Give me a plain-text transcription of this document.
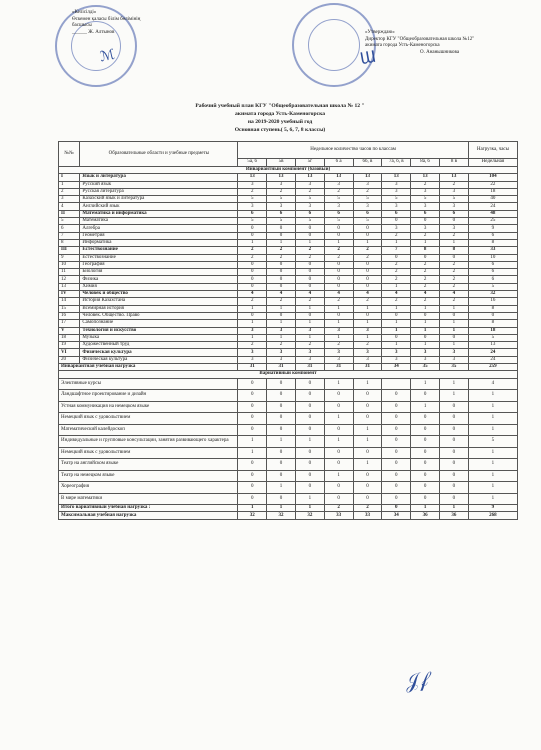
«Келісілді»
Өскемен қаласы білім бөлімінің
басшысы
______ Ж. Алтынов	«Утверждаю»
Директор КГУ "Общеобразовательная школа №12"
акимата города Усть-Каменогорска
О. Ананышникова
ℳ	Ɯ
Рабочий учебный план КГУ "Общеобразовательная школа № 12 "
акимата города Усть-Каменогорска
на 2019-2020 учебный год
Основная ступень( 5, 6, 7, 8 классы)
№№	Образовательные области и учебные предметы	Недельное количество часов по классам								Нагрузка, часы
		5а, б	5в	5г	6 а	6б, в	7а, б, в	8а, б	8 в	Недельная
Инвариантный компонент (базовый)										
I	Язык и литература	13	13	13	13	13	13	13	13	104
1	Русский язык	3	3	3	3	3	3	2	2	22
2	Русская литература	2	2	2	2	2	3	3	3	18
3	Казахский язык и литература	5	5	5	5	5	5	5	5	40
4	Английский язык	3	3	3	3	3	3	3	3	24
II	Математика и информатика	6	6	6	6	6	6	6	6	48
5	Математика	5	5	5	5	5	0	0	0	25
6	Алгебра	0	0	0	0	0	3	3	3	9
7	Геометрия	0	0	0	0	0	2	2	2	6
8	Информатика	1	1	1	1	1	1	1	1	8
III	Естествознание	2	2	2	2	2	7	8	8	33
9	Естествознание	2	2	2	2	2	0	0	0	10
10	География	0	0	0	0	0	2	2	2	6
11	Биология	0	0	0	0	0	2	2	2	6
12	Физика	0	0	0	0	0	2	2	2	6
13	Химия	0	0	0	0	0	1	2	2	5
IV	Человек и общество	4	4	4	4	4	4	4	4	32
14	История Казахстана	2	2	2	2	2	2	2	2	16
15	Всемирная история	1	1	1	1	1	1	1	1	8
16	Человек. Общество. Право	0	0	0	0	0	0	0	0	0
17	Самопознание	1	1	1	1	1	1	1	1	8
V	Технология и искусство	3	3	3	3	3	1	1	1	18
18	Музыка	1	1	1	1	1	0	0	0	5
19	Художественный труд	2	2	2	2	2	1	1	1	13
VI	Физическая культура	3	3	3	3	3	3	3	3	24
20	Физическая культура	3	3	3	3	3	3	3	3	24
Инвариантная учебная нагрузка		31	31	31	31	31	34	35	35	259
Вариативный компонент										
Элективные курсы		0	0	0	1	1		1	1	4
Ландшафтное проектирование и дизайн		0	0	0	0	0	0	0	1	1
Устная коммуникация на немецком языке		0	0	0	0	0	0	1	0	1
Немецкий язык с удовольствием		0	0	0	1	0	0	0	0	1
Математический калейдоскоп		0	0	0	0	1	0	0	0	1
Индивидуальные и групповые консультации, занятия развивающего характера		1	1	1	1	1	0	0	0	5
Немецкий язык с удовольствием		1	0	0	0	0	0	0	0	1
Театр на английском языке		0	0	0	0	1	0	0	0	1
Театр на немецком языке		0	0	0	1	0	0	0	0	1
Хореография		0	1	0	0	0	0	0	0	1
В мире математики		0	0	1	0	0	0	0	0	1
Итого вариативный учебная нагрузка :		1	1	1	2	2	0	1	1	9
Максимальная учебная нагрузка		32	32	32	33	33	34	36	36	268
𝒥𝒻
